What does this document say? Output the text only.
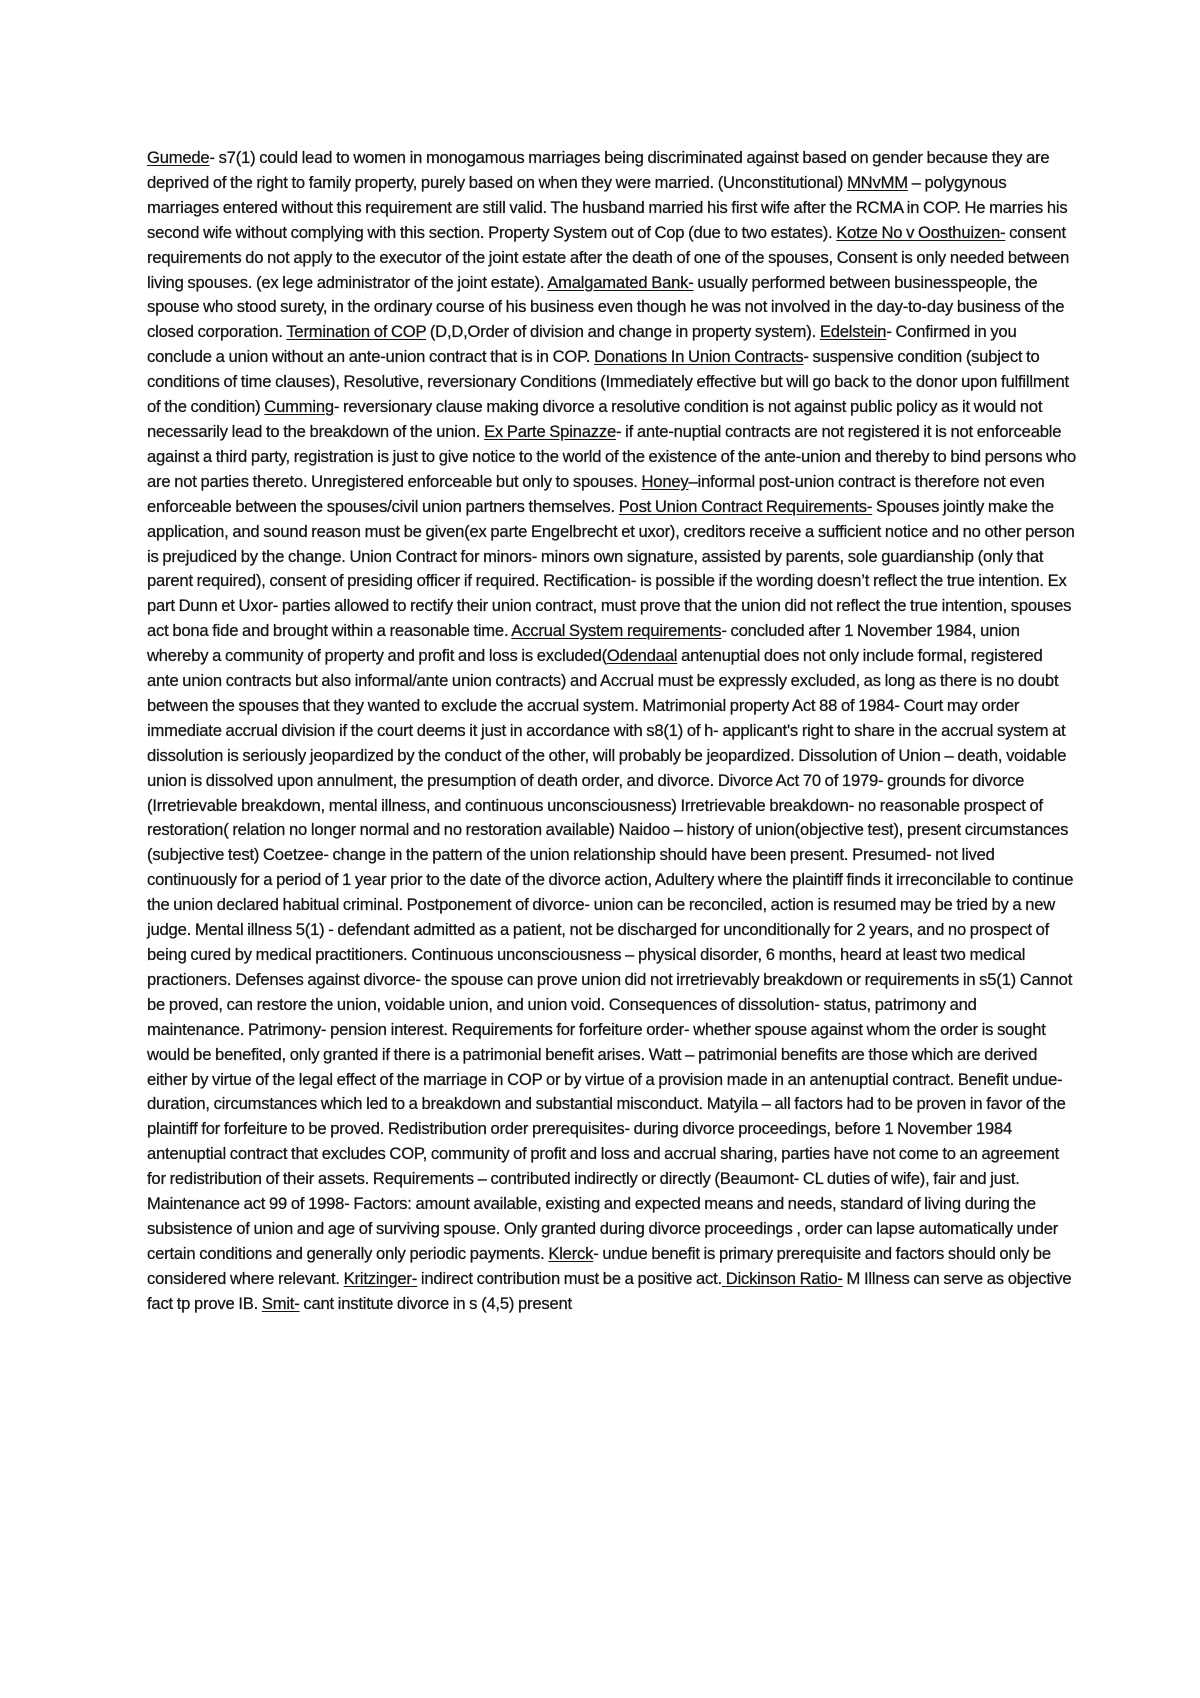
Gumede- s7(1) could lead to women in monogamous marriages being discriminated against based on gender because they are deprived of the right to family property, purely based on when they were married. (Unconstitutional) MNvMM – polygynous marriages entered without this requirement are still valid. The husband married his first wife after the RCMA in COP. He marries his second wife without complying with this section. Property System out of Cop (due to two estates). Kotze No v Oosthuizen- consent requirements do not apply to the executor of the joint estate after the death of one of the spouses, Consent is only needed between living spouses. (ex lege administrator of the joint estate). Amalgamated Bank- usually performed between businesspeople, the spouse who stood surety, in the ordinary course of his business even though he was not involved in the day-to-day business of the closed corporation. Termination of COP (D,D,Order of division and change in property system). Edelstein- Confirmed in you conclude a union without an ante-union contract that is in COP. Donations In Union Contracts- suspensive condition (subject to conditions of time clauses), Resolutive, reversionary Conditions (Immediately effective but will go back to the donor upon fulfillment of the condition) Cumming- reversionary clause making divorce a resolutive condition is not against public policy as it would not necessarily lead to the breakdown of the union. Ex Parte Spinazze- if ante-nuptial contracts are not registered it is not enforceable against a third party, registration is just to give notice to the world of the existence of the ante-union and thereby to bind persons who are not parties thereto. Unregistered enforceable but only to spouses. Honey–informal post-union contract is therefore not even enforceable between the spouses/civil union partners themselves. Post Union Contract Requirements- Spouses jointly make the application, and sound reason must be given(ex parte Engelbrecht et uxor), creditors receive a sufficient notice and no other person is prejudiced by the change. Union Contract for minors- minors own signature, assisted by parents, sole guardianship (only that parent required), consent of presiding officer if required. Rectification- is possible if the wording doesn’t reflect the true intention. Ex part Dunn et Uxor- parties allowed to rectify their union contract, must prove that the union did not reflect the true intention, spouses act bona fide and brought within a reasonable time. Accrual System requirements- concluded after 1 November 1984, union whereby a community of property and profit and loss is excluded(Odendaal antenuptial does not only include formal, registered ante union contracts but also informal/ante union contracts) and Accrual must be expressly excluded, as long as there is no doubt between the spouses that they wanted to exclude the accrual system. Matrimonial property Act 88 of 1984- Court may order immediate accrual division if the court deems it just in accordance with s8(1) of h- applicant's right to share in the accrual system at dissolution is seriously jeopardized by the conduct of the other, will probably be jeopardized. Dissolution of Union – death, voidable union is dissolved upon annulment, the presumption of death order, and divorce. Divorce Act 70 of 1979- grounds for divorce (Irretrievable breakdown, mental illness, and continuous unconsciousness) Irretrievable breakdown- no reasonable prospect of restoration( relation no longer normal and no restoration available) Naidoo – history of union(objective test), present circumstances (subjective test) Coetzee- change in the pattern of the union relationship should have been present. Presumed- not lived continuously for a period of 1 year prior to the date of the divorce action, Adultery where the plaintiff finds it irreconcilable to continue the union declared habitual criminal. Postponement of divorce- union can be reconciled, action is resumed may be tried by a new judge. Mental illness 5(1) - defendant admitted as a patient, not be discharged for unconditionally for 2 years, and no prospect of being cured by medical practitioners. Continuous unconsciousness – physical disorder, 6 months, heard at least two medical practioners. Defenses against divorce- the spouse can prove union did not irretrievably breakdown or requirements in s5(1) Cannot be proved, can restore the union, voidable union, and union void. Consequences of dissolution- status, patrimony and maintenance. Patrimony- pension interest. Requirements for forfeiture order- whether spouse against whom the order is sought would be benefited, only granted if there is a patrimonial benefit arises. Watt – patrimonial benefits are those which are derived either by virtue of the legal effect of the marriage in COP or by virtue of a provision made in an antenuptial contract. Benefit undue- duration, circumstances which led to a breakdown and substantial misconduct. Matyila – all factors had to be proven in favor of the plaintiff for forfeiture to be proved. Redistribution order prerequisites- during divorce proceedings, before 1 November 1984 antenuptial contract that excludes COP, community of profit and loss and accrual sharing, parties have not come to an agreement for redistribution of their assets. Requirements – contributed indirectly or directly (Beaumont- CL duties of wife), fair and just. Maintenance act 99 of 1998- Factors: amount available, existing and expected means and needs, standard of living during the subsistence of union and age of surviving spouse. Only granted during divorce proceedings , order can lapse automatically under certain conditions and generally only periodic payments. Klerck- undue benefit is primary prerequisite and factors should only be considered where relevant. Kritzinger- indirect contribution must be a positive act. Dickinson Ratio- M Illness can serve as objective fact tp prove IB. Smit- cant institute divorce in s (4,5) present
